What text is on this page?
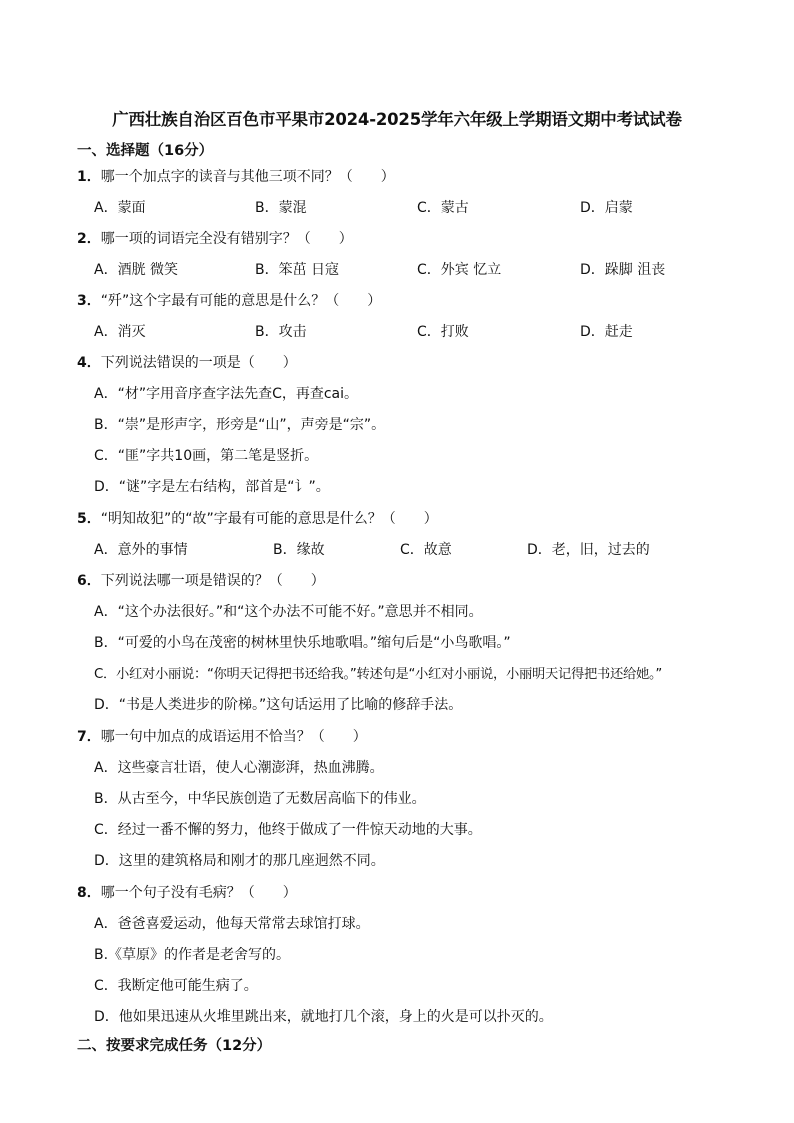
广西壮族自治区百色市平果市2024-2025学年六年级上学期语文期中考试试卷
一、选择题（16分）
1．哪一个加点字的读音与其他三项不同？（　　）
A．蒙面	B．蒙混	C．蒙古	D．启蒙
2．哪一项的词语完全没有错别字？（　　）
A．酒胱 微笑	B．笨茁 日寇	C．外宾 忆立	D．跺脚 沮丧
3．“歼”这个字最有可能的意思是什么？（　　）
A．消灭	B．攻击	C．打败	D．赶走
4．下列说法错误的一项是（　　）
A．“材”字用音序查字法先查C，再查cai。
B．“崇”是形声字，形旁是“山”，声旁是“宗”。
C．“匪”字共10画，第二笔是竖折。
D．“谜”字是左右结构，部首是“讠”。
5．“明知故犯”的“故”字最有可能的意思是什么？（　　）
A．意外的事情	B．缘故	C．故意	D．老，旧，过去的
6．下列说法哪一项是错误的？（　　）
A．“这个办法很好。”和“这个办法不可能不好。”意思并不相同。
B．“可爱的小鸟在茂密的树林里快乐地歌唱。”缩句后是“小鸟歌唱。”
C．小红对小丽说：“你明天记得把书还给我。”转述句是“小红对小丽说，小丽明天记得把书还给她。”
D．“书是人类进步的阶梯。”这句话运用了比喻的修辞手法。
7．哪一句中加点的成语运用不恰当？（　　）
A．这些豪言壮语，使人心潮澎湃，热血沸腾。
B．从古至今，中华民族创造了无数居高临下的伟业。
C．经过一番不懈的努力，他终于做成了一件惊天动地的大事。
D．这里的建筑格局和刚才的那几座迥然不同。
8．哪一个句子没有毛病？（　　）
A．爸爸喜爱运动，他每天常常去球馆打球。
B.《草原》的作者是老舍写的。
C．我断定他可能生病了。
D．他如果迅速从火堆里跳出来，就地打几个滚，身上的火是可以扑灭的。
二、按要求完成任务（12分）
